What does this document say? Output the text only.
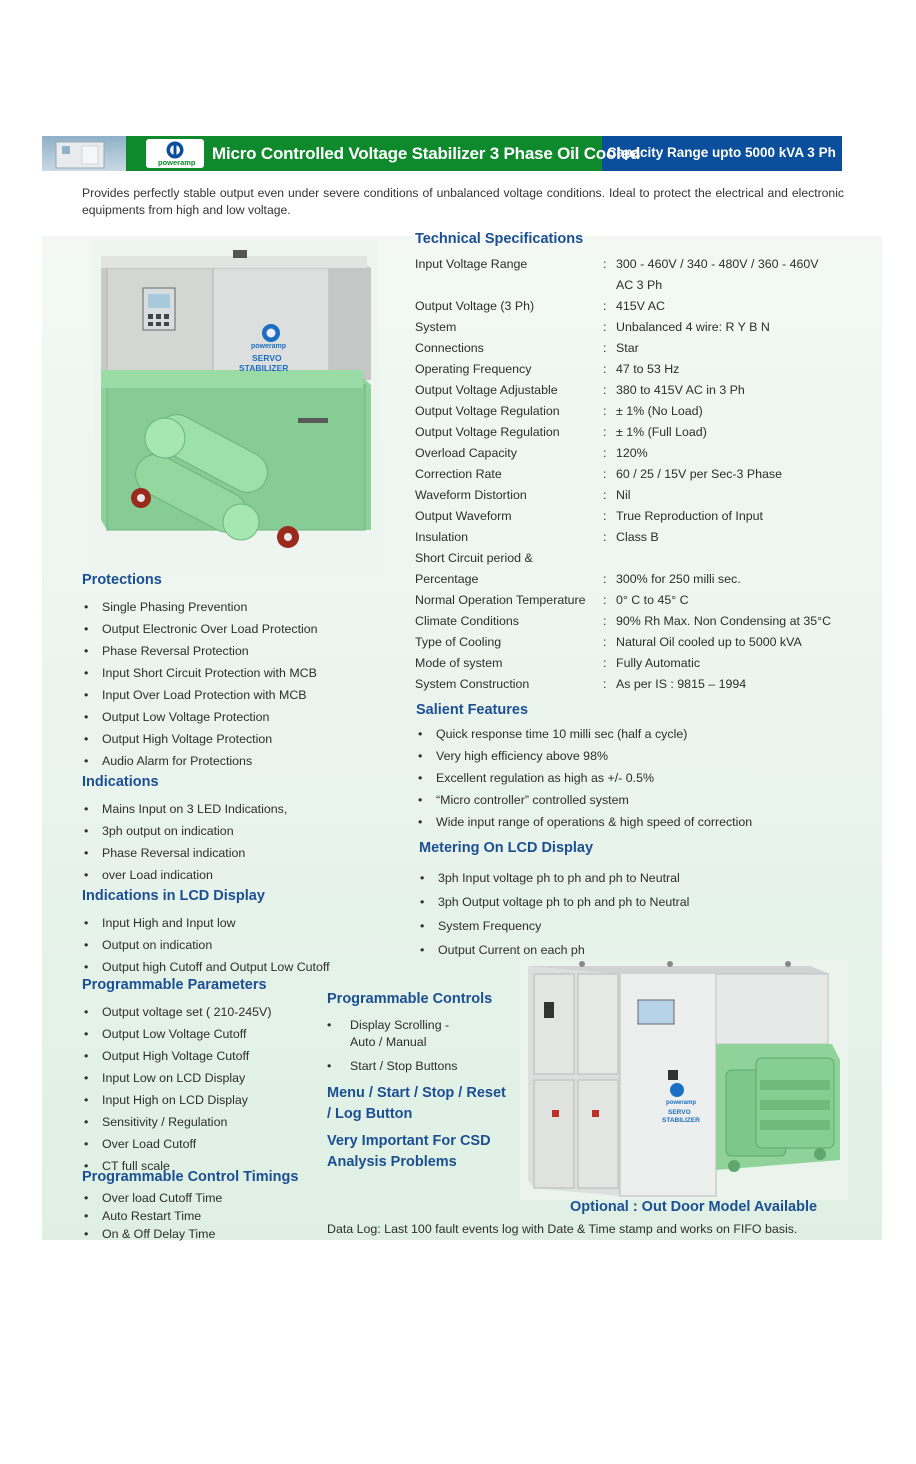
poweramp Micro Controlled Voltage Stabilizer 3 Phase Oil Cooled
Capacity Range upto 5000 kVA 3 Ph
Provides perfectly stable output even under severe conditions of unbalanced voltage conditions. Ideal to protect the electrical and electronic equipments from high and low voltage.
poweramp
SERVO
STABILIZER
Technical Specifications
Input Voltage Range	: 300 - 460V / 340 - 480V / 360 - 460V
AC 3 Ph
Output Voltage (3 Ph)	: 415V AC
System	: Unbalanced 4 wire: R Y B N
Connections	: Star
Operating Frequency	: 47 to 53 Hz
Output Voltage Adjustable	: 380 to 415V AC in 3 Ph
Output Voltage Regulation	: ± 1% (No Load)
Output Voltage Regulation	: ± 1% (Full Load)
Overload Capacity	: 120%
Correction Rate	: 60 / 25 / 15V per Sec-3 Phase
Waveform Distortion	: Nil
Output Waveform	: True Reproduction of Input
Insulation	: Class B
Short Circuit period &
Percentage	: 300% for 250 milli sec.
Normal Operation Temperature : 0° C to 45° C
Climate Conditions	: 90% Rh Max. Non Condensing at 35°C
Type of Cooling	: Natural Oil cooled up to 5000 kVA
Mode of system	: Fully Automatic
System Construction	: As per IS : 9815 – 1994
Salient Features
• Quick response time 10 milli sec (half a cycle)
• Very high efficiency above 98%
• Excellent regulation as high as +/- 0.5%
• “Micro controller” controlled system
• Wide input range of operations & high speed of correction
Metering On LCD Display
• 3ph Input voltage ph to ph and ph to Neutral
• 3ph Output voltage ph to ph and ph to Neutral
• System Frequency
• Output Current on each ph
Protections
• Single Phasing Prevention
• Output Electronic Over Load Protection
• Phase Reversal Protection
• Input Short Circuit Protection with MCB
• Input Over Load Protection with MCB
• Output Low Voltage Protection
• Output High Voltage Protection
• Audio Alarm for Protections
Indications
• Mains Input on 3 LED Indications,
• 3ph output on indication
• Phase Reversal indication
• over Load indication
Indications in LCD Display
• Input High and Input low
• Output on indication
• Output high Cutoff and Output Low Cutoff
Programmable Parameters
• Output voltage set ( 210-245V)
• Output Low Voltage Cutoff
• Output High Voltage Cutoff
• Input Low on LCD Display
• Input High on LCD Display
• Sensitivity / Regulation
• Over Load Cutoff
• CT full scale
Programmable Control Timings
• Over load Cutoff Time
• Auto Restart Time
• On & Off Delay Time
Programmable Controls
• Display Scrolling -
Auto / Manual
• Start / Stop Buttons
Menu / Start / Stop / Reset
/ Log Button
Very Important For CSD
Analysis Problems
poweramp
SERVO
STABILIZER
Optional : Out Door Model Available
Data Log: Last 100 fault events log with Date & Time stamp and works on FIFO basis.
